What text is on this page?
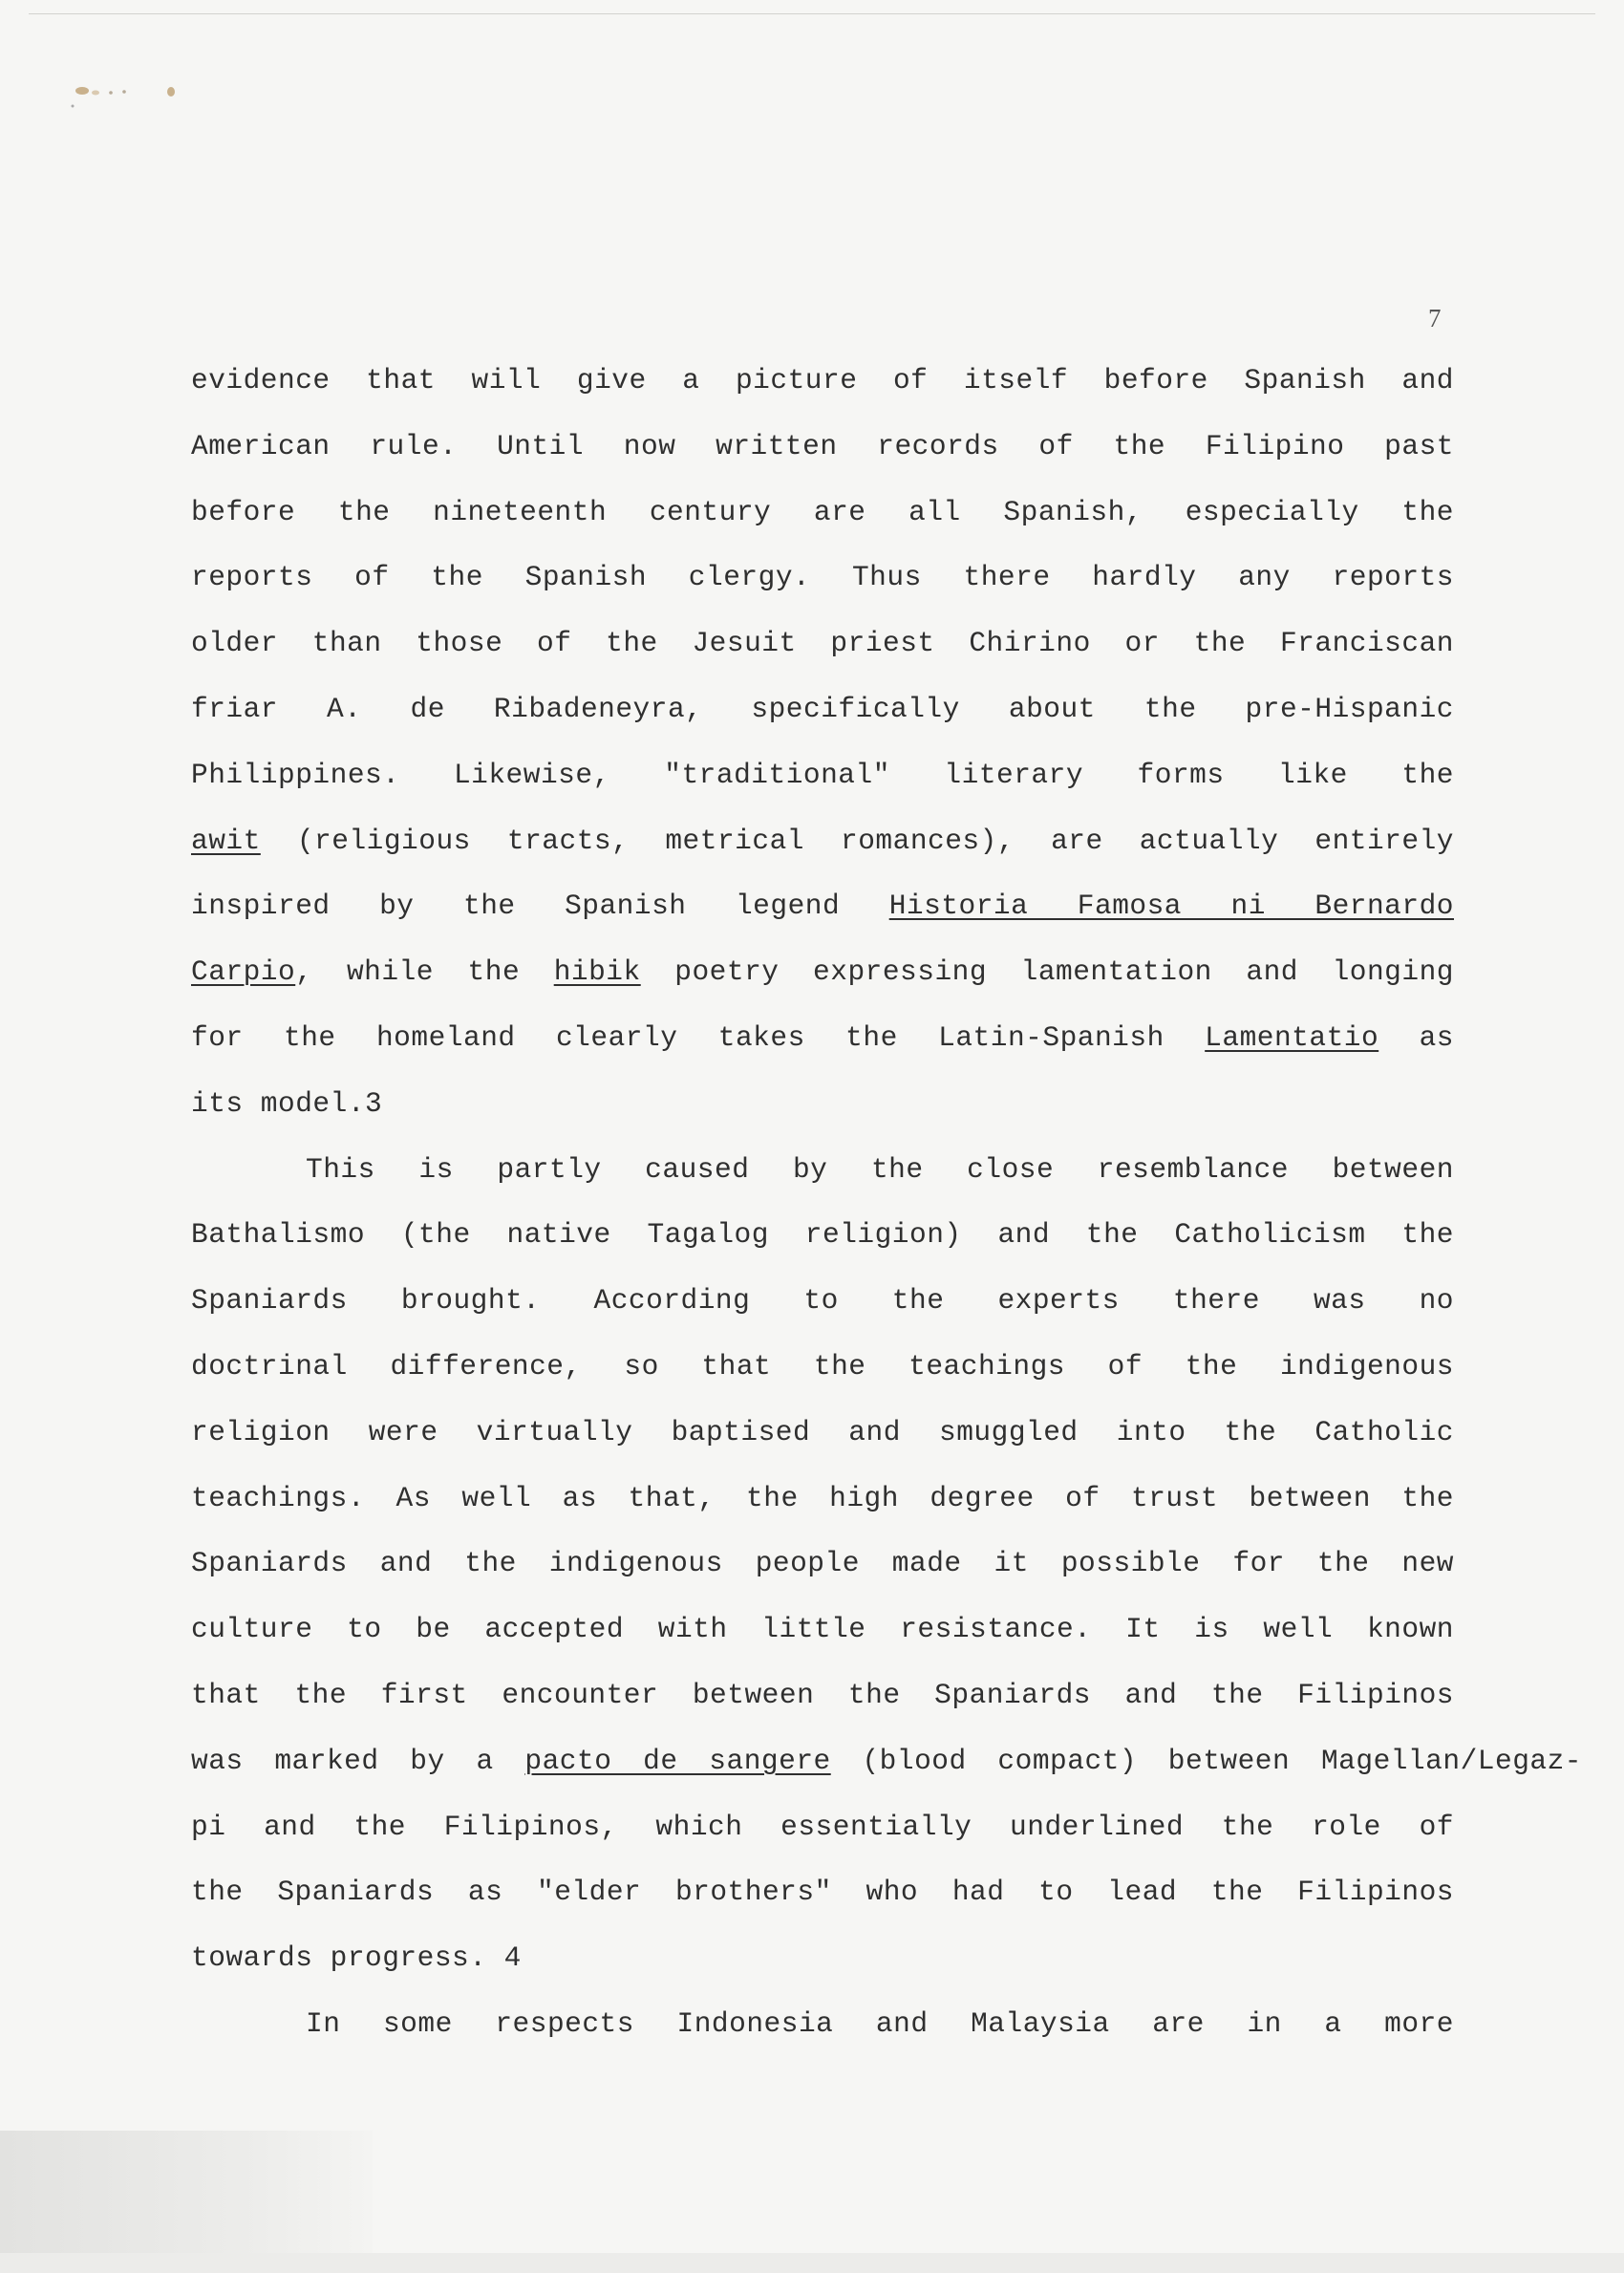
7
evidence that will give a picture of itself before Spanish and
American rule. Until now written records of the Filipino past
before the nineteenth century are all Spanish, especially the
reports of the Spanish clergy. Thus there hardly any reports
older than those of the Jesuit priest Chirino or the Franciscan
friar A. de Ribadeneyra, specifically about the pre-Hispanic
Philippines. Likewise, "traditional" literary forms like the
awit (religious tracts, metrical romances), are actually entirely
inspired by the Spanish legend Historia Famosa ni Bernardo
Carpio, while the hibik poetry expressing lamentation and longing
for the homeland clearly takes the Latin-Spanish Lamentatio as
its model.3
This is partly caused by the close resemblance between
Bathalismo (the native Tagalog religion) and the Catholicism the
Spaniards brought. According to the experts there was no
doctrinal difference, so that the teachings of the indigenous
religion were virtually baptised and smuggled into the Catholic
teachings. As well as that, the high degree of trust between the
Spaniards and the indigenous people made it possible for the new
culture to be accepted with little resistance. It is well known
that the first encounter between the Spaniards and the Filipinos
was marked by a pacto de sangere (blood compact) between Magellan/Legaz-
pi and the Filipinos, which essentially underlined the role of
the Spaniards as "elder brothers" who had to lead the Filipinos
towards progress. 4
In some respects Indonesia and Malaysia are in a more
